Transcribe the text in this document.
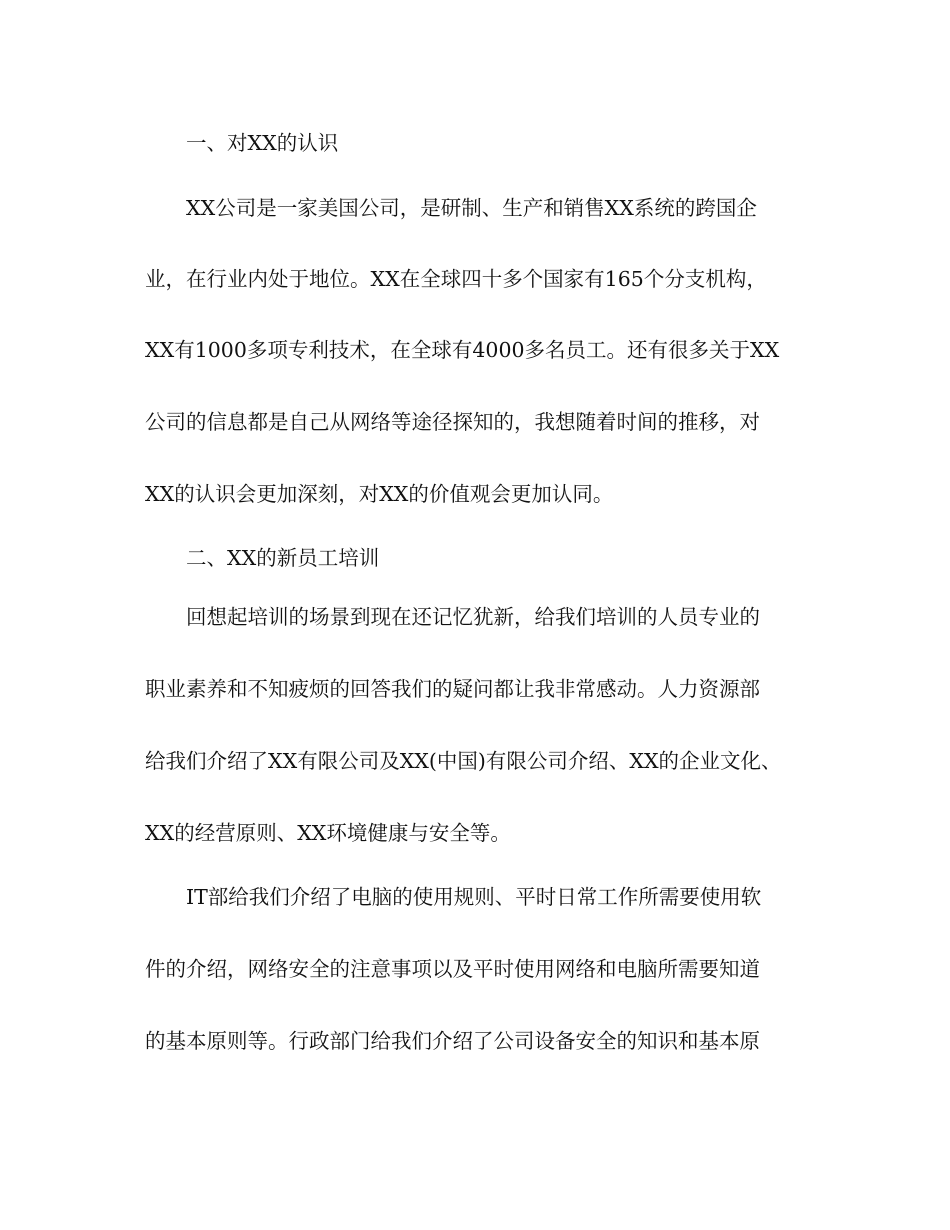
一、对XX的认识
XX公司是一家美国公司，是研制、生产和销售XX系统的跨国企
业，在行业内处于地位。XX在全球四十多个国家有165个分支机构，
XX有1000多项专利技术，在全球有4000多名员工。还有很多关于XX
公司的信息都是自己从网络等途径探知的，我想随着时间的推移，对
XX的认识会更加深刻，对XX的价值观会更加认同。
二、XX的新员工培训
回想起培训的场景到现在还记忆犹新，给我们培训的人员专业的
职业素养和不知疲烦的回答我们的疑问都让我非常感动。人力资源部
给我们介绍了XX有限公司及XX(中国)有限公司介绍、XX的企业文化、
XX的经营原则、XX环境健康与安全等。
IT部给我们介绍了电脑的使用规则、平时日常工作所需要使用软
件的介绍，网络安全的注意事项以及平时使用网络和电脑所需要知道
的基本原则等。行政部门给我们介绍了公司设备安全的知识和基本原
